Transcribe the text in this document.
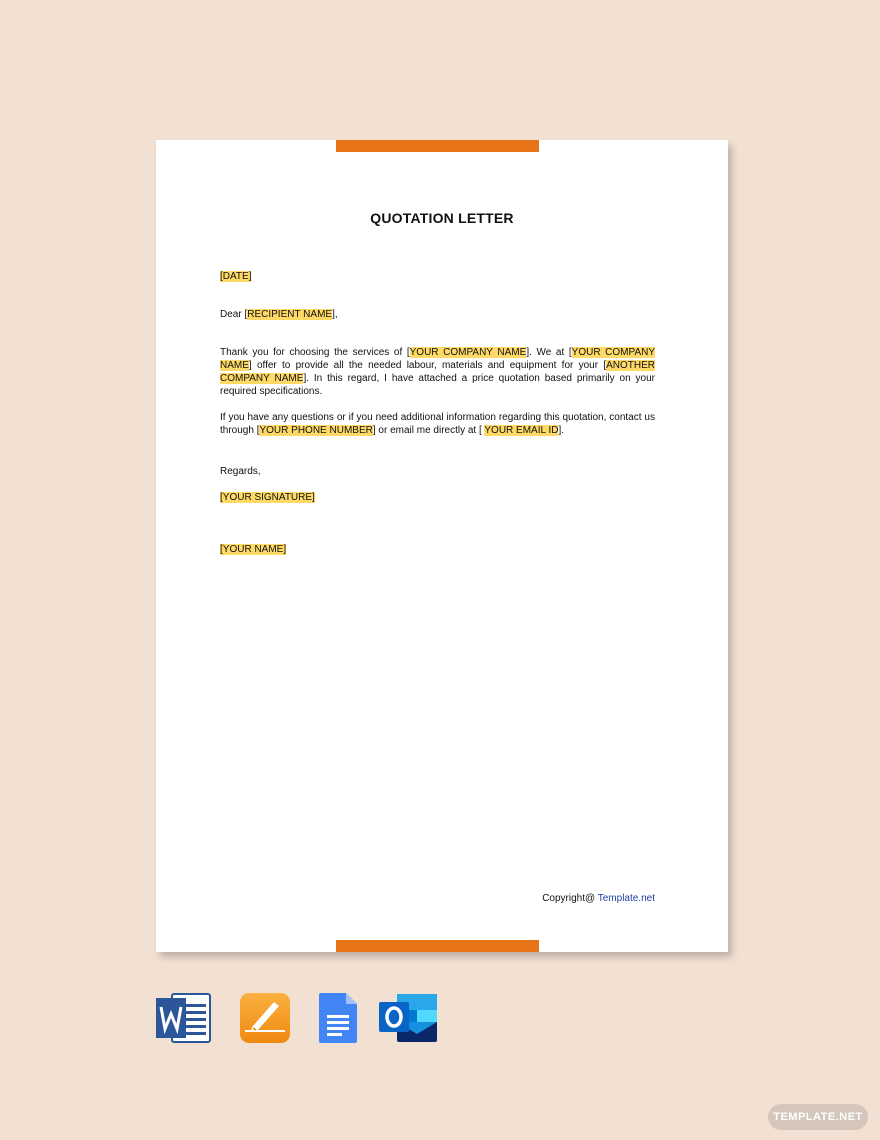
QUOTATION LETTER
[DATE]
Dear [RECIPIENT NAME],
Thank you for choosing the services of [YOUR COMPANY NAME]. We at [YOUR COMPANY NAME] offer to provide all the needed labour, materials and equipment for your [ANOTHER COMPANY NAME]. In this regard, I have attached a price quotation based primarily on your required specifications.
If you have any questions or if you need additional information regarding this quotation, contact us through [YOUR PHONE NUMBER] or email me directly at [ YOUR EMAIL ID].
Regards,
[YOUR SIGNATURE]
[YOUR NAME]
Copyright@ Template.net
TEMPLATE.NET
